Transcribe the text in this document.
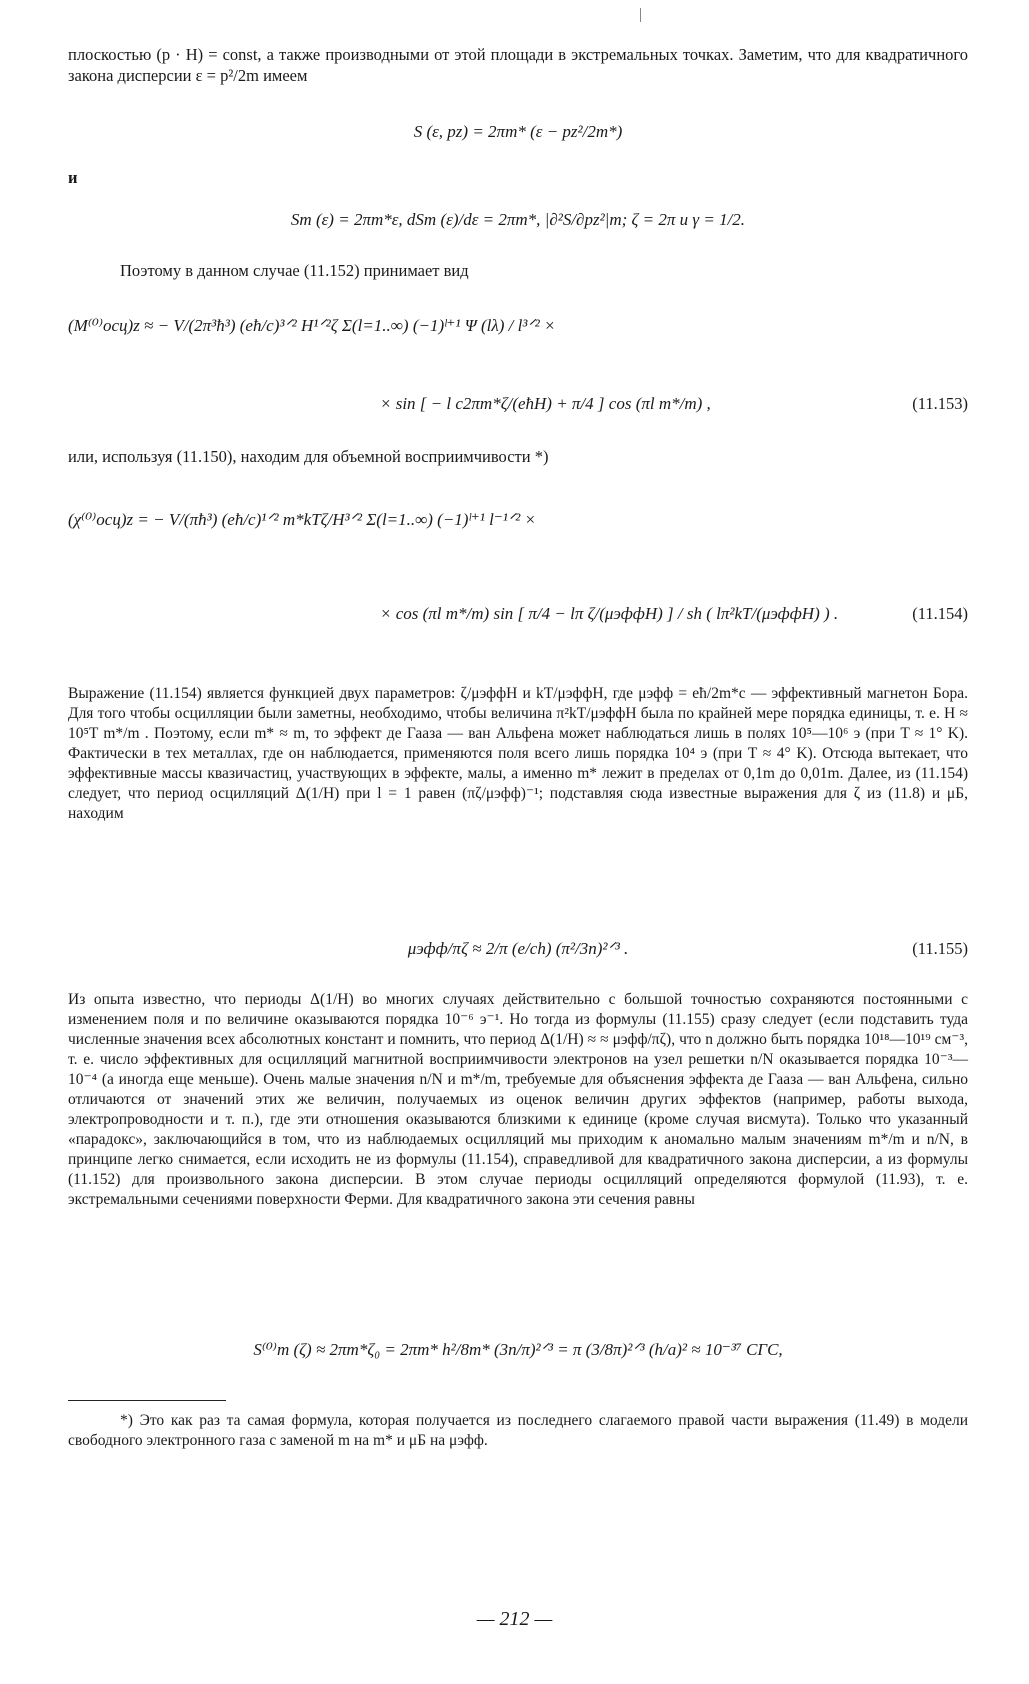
плоскостью (p · H) = const, а также производными от этой площади в экстремальных точках. Заметим, что для квадратичного закона дисперсии ε = p²/2m имеем

S (ε, pz) = 2πm* (ε − pz²/2m*)
и
Sm (ε) = 2πm*ε, dSm (ε)/dε = 2πm*, |∂²S/∂pz²|m; ζ = 2π и γ = 1/2.

Поэтому в данном случае (11.152) принимает вид

(M⁽⁰⁾осц)z ≈ − V/(2π³ħ³) (eħ/c)³ᐟ² H¹ᐟ²ζ Σ(l=1..∞) (−1)ˡ⁺¹ Ψ (lλ) / l³ᐟ² ×
× sin [ − l c2πm*ζ/(eħH) + π/4 ] cos (πl m*/m) ,	(11.153)

или, используя (11.150), находим для объемной восприимчивости *)

(χ⁽⁰⁾осц)z = − V/(πħ³) (eħ/c)¹ᐟ² m*kTζ/H³ᐟ² Σ(l=1..∞) (−1)ˡ⁺¹ l⁻¹ᐟ² ×
× cos (πl m*/m) sin [ π/4 − lπ ζ/(μэффH) ] / sh ( lπ²kT/(μэффH) ) .	(11.154)

Выражение (11.154) является функцией двух параметров: ζ/μэффH и kT/μэффH, где μэфф = eħ/2m*c — эффективный магнетон Бора. Для того чтобы осцилляции были заметны, необходимо, чтобы величина π²kT/μэффH была по крайней мере порядка единицы, т. е. H ≈ 10⁵T m*/m . Поэтому, если m* ≈ m, то эффект де Гааза — ван Альфена может наблюдаться лишь в полях 10⁵—10⁶ э (при T ≈ 1° K). Фактически в тех металлах, где он наблюдается, применяются поля всего лишь порядка 10⁴ э (при T ≈ 4° K). Отсюда вытекает, что эффективные массы квазичастиц, участвующих в эффекте, малы, а именно m* лежит в пределах от 0,1m до 0,01m. Далее, из (11.154) следует, что период осцилляций Δ(1/H) при l = 1 равен (πζ/μэфф)⁻¹; подставляя сюда известные выражения для ζ из (11.8) и μБ, находим

μэфф/πζ ≈ 2/π (e/ch) (π²/3n)²ᐟ³ .	(11.155)

Из опыта известно, что периоды Δ(1/H) во многих случаях действительно с большой точностью сохраняются постоянными с изменением поля и по величине оказываются порядка 10⁻⁶ э⁻¹. Но тогда из формулы (11.155) сразу следует (если подставить туда численные значения всех абсолютных констант и помнить, что период Δ(1/H) ≈ ≈ μэфф/πζ), что n должно быть порядка 10¹⁸—10¹⁹ см⁻³, т. е. число эффективных для осцилляций магнитной восприимчивости электронов на узел решетки n/N оказывается порядка 10⁻³—10⁻⁴ (а иногда еще меньше). Очень малые значения n/N и m*/m, требуемые для объяснения эффекта де Гааза — ван Альфена, сильно отличаются от значений этих же величин, получаемых из оценок величин других эффектов (например, работы выхода, электропроводности и т. п.), где эти отношения оказываются близкими к единице (кроме случая висмута). Только что указанный «парадокс», заключающийся в том, что из наблюдаемых осцилляций мы приходим к аномально малым значениям m*/m и n/N, в принципе легко снимается, если исходить не из формулы (11.154), справедливой для квадратичного закона дисперсии, а из формулы (11.152) для произвольного закона дисперсии. В этом случае периоды осцилляций определяются формулой (11.93), т. е. экстремальными сечениями поверхности Ферми. Для квадратичного закона эти сечения равны

S⁽⁰⁾m (ζ) ≈ 2πm*ζ₀ = 2πm* h²/8m* (3n/π)²ᐟ³ = π (3/8π)²ᐟ³ (h/a)² ≈ 10⁻³⁷ СГС,

*) Это как раз та самая формула, которая получается из последнего слагаемого правой части выражения (11.49) в модели свободного электронного газа с заменой m на m* и μБ на μэфф.

— 212 —
